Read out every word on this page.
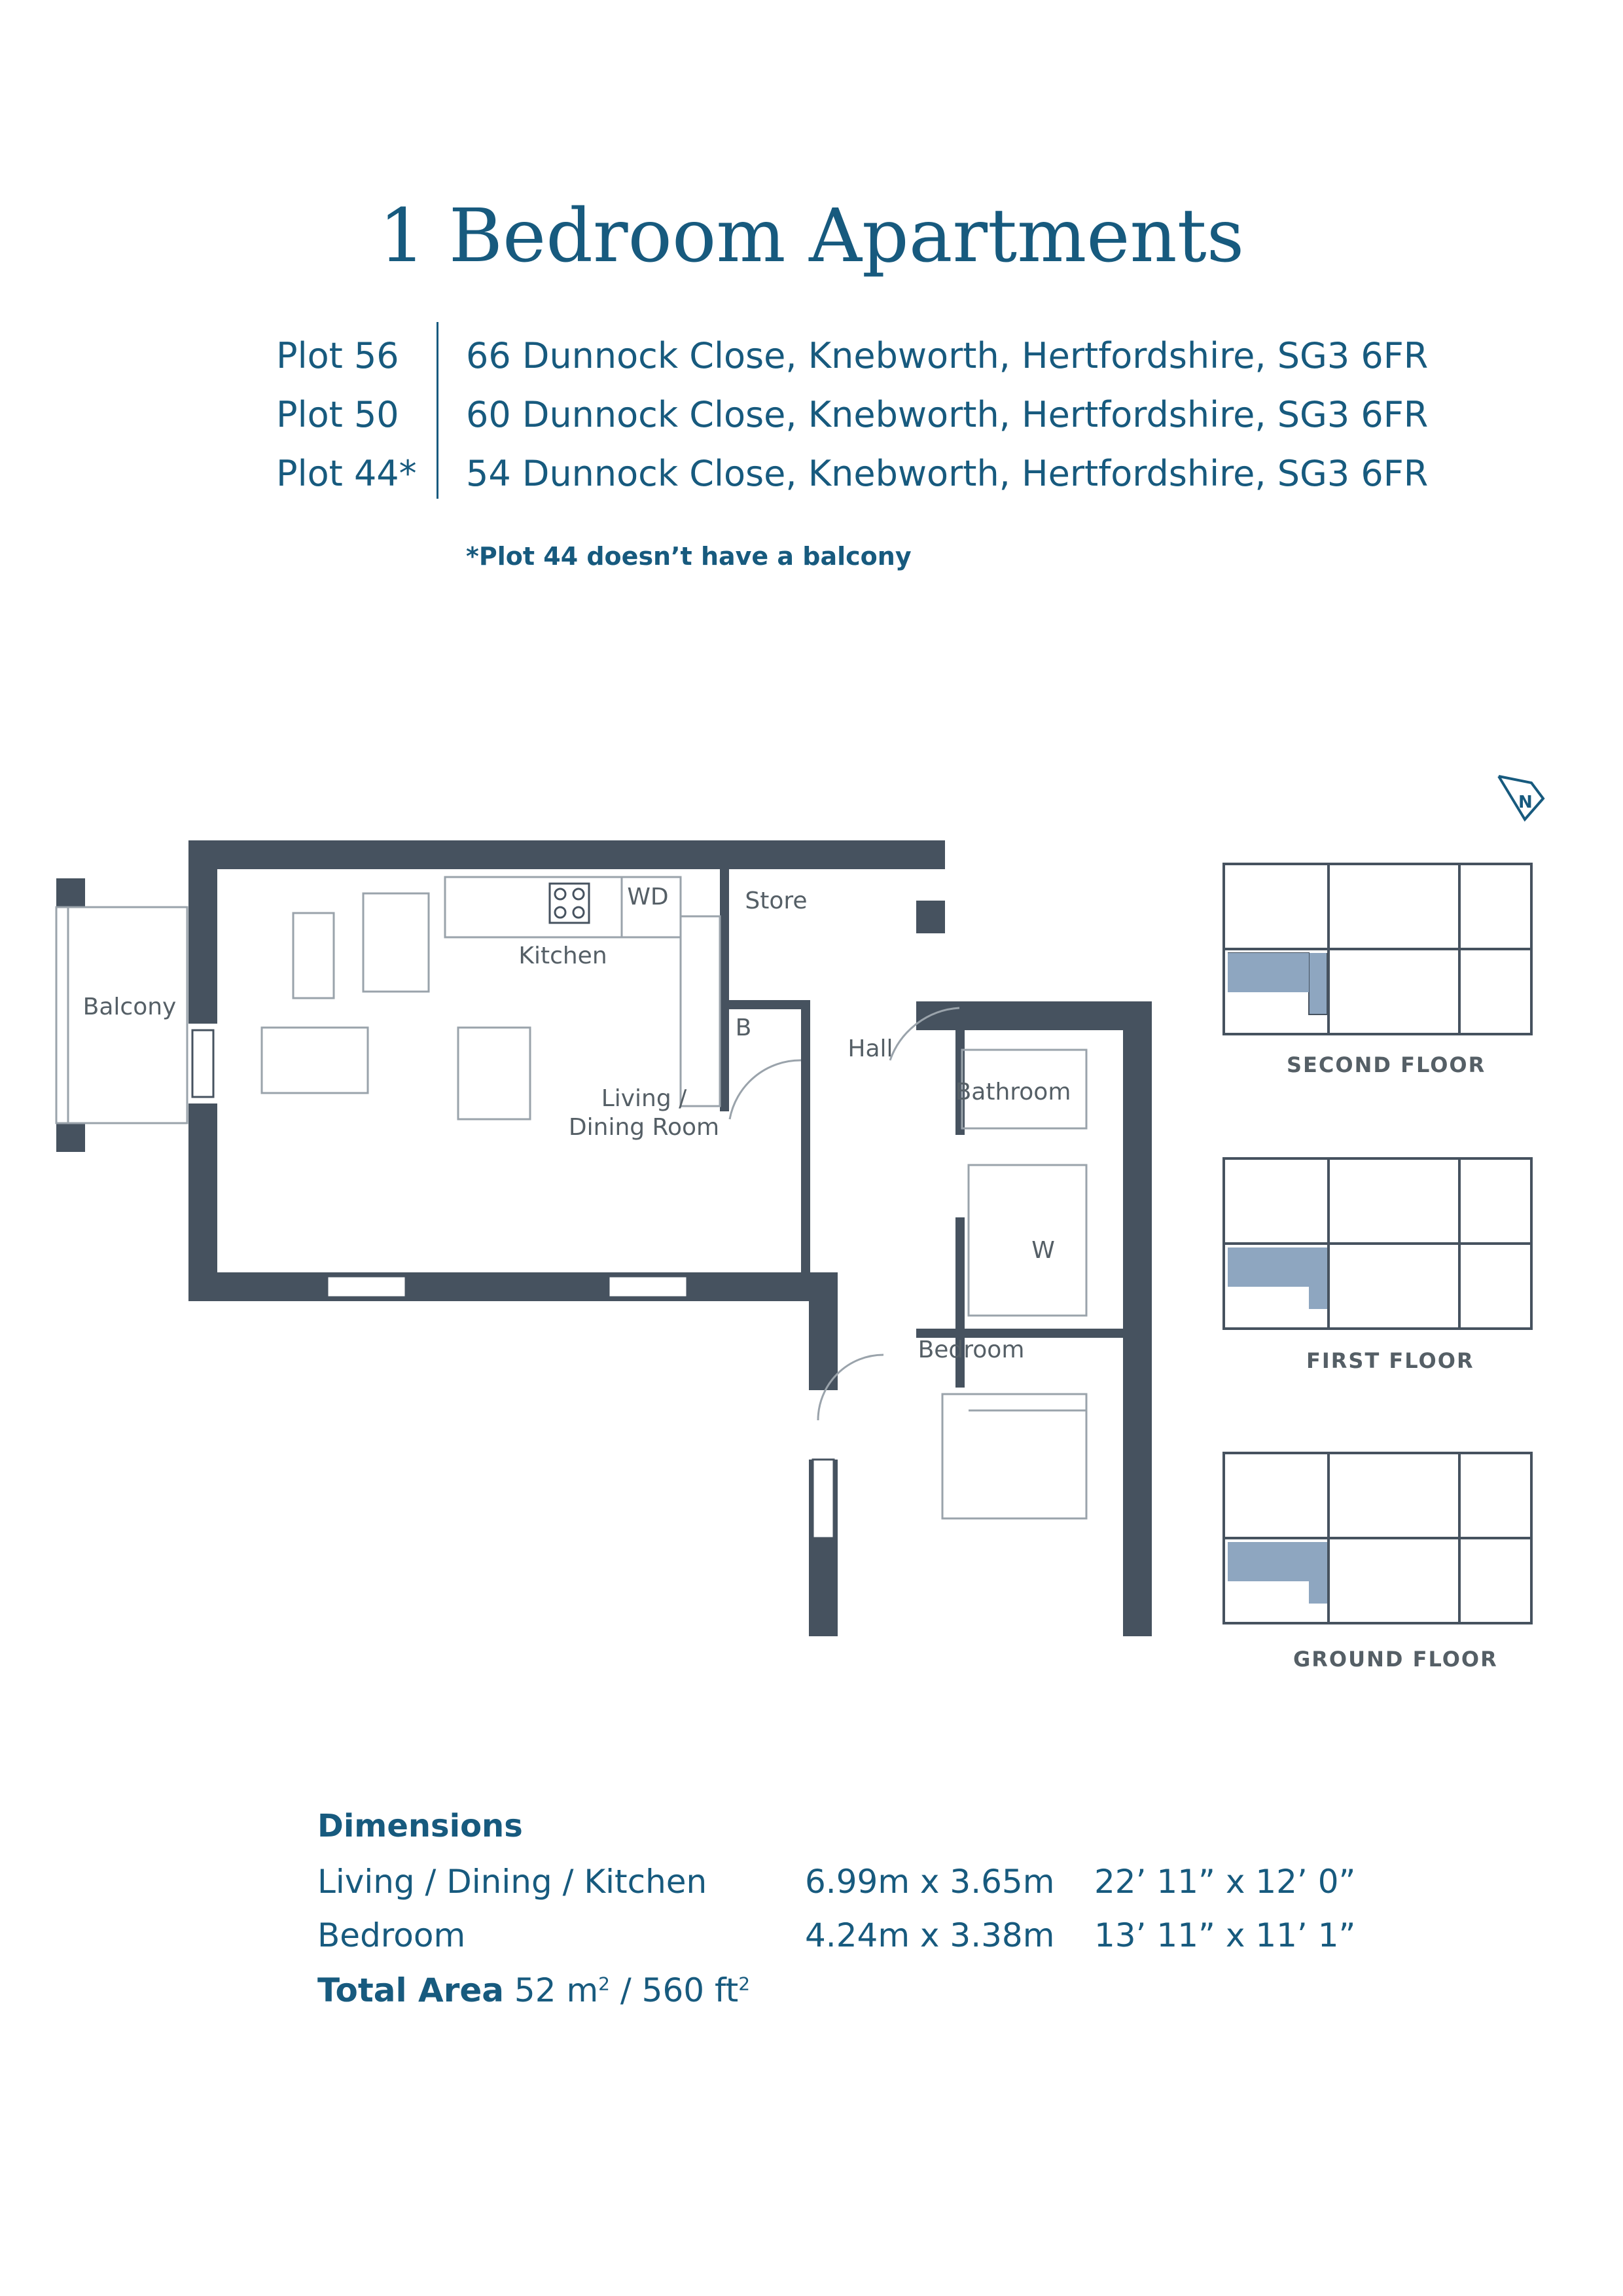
1 Bedroom Apartments
Plot 56 66 Dunnock Close, Knebworth, Hertfordshire, SG3 6FR
Plot 50 60 Dunnock Close, Knebworth, Hertfordshire, SG3 6FR
Plot 44* 54 Dunnock Close, Knebworth, Hertfordshire, SG3 6FR
*Plot 44 doesn’t have a balcony
Balcony
Kitchen
WD	Store
B
Hall
Bathroom
Living /
Dining Room
W
Bedroom
N
SECOND FLOOR
FIRST FLOOR
GROUND FLOOR
Dimensions
Living / Dining / Kitchen	6.99m x 3.65m 22’ 11” x 12’ 0”
Bedroom	4.24m x 3.38m 13’ 11” x 11’ 1”
Total Area 52 $m^2 / 560$ $ft^2$
